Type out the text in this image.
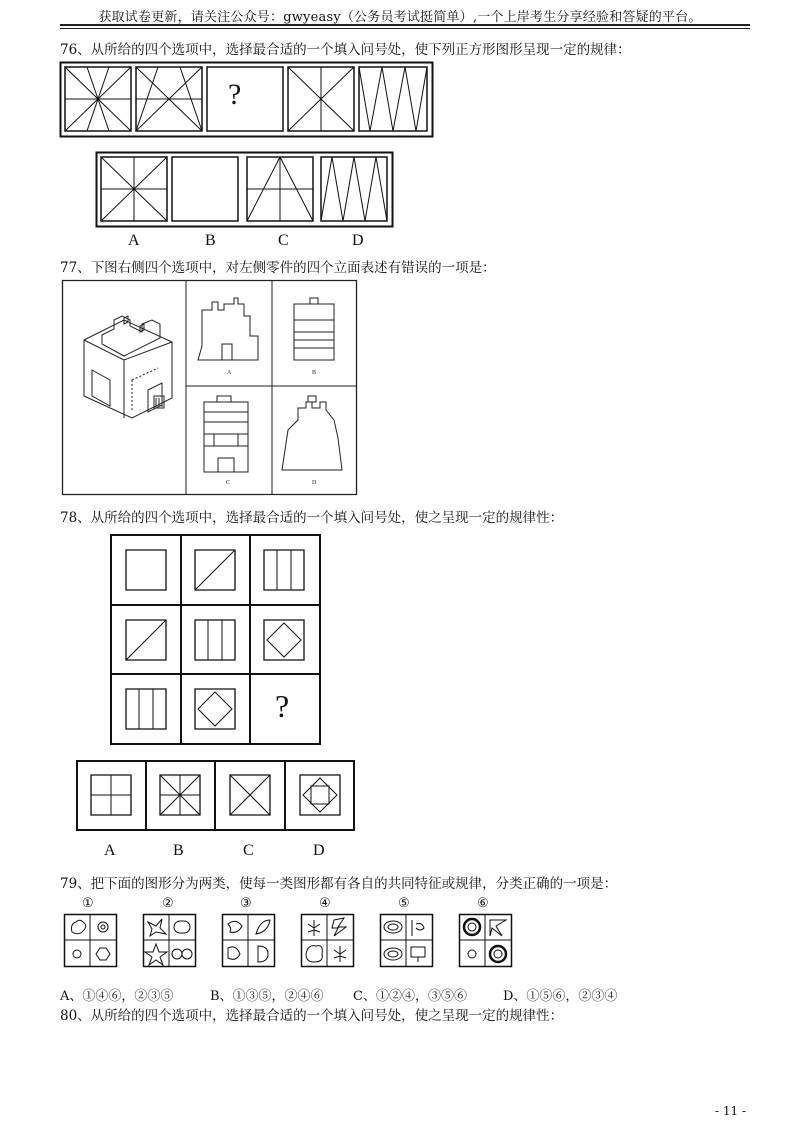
获取试卷更新，请关注公众号：gwyeasy（公务员考试挺简单）,一个上岸考生分享经验和答疑的平台。
76、从所给的四个选项中，选择最合适的一个填入问号处，使下列正方形图形呈现一定的规律：
?
A	B	C	D
77、下图右侧四个选项中，对左侧零件的四个立面表述有错误的一项是：
A	B
C	D
78、从所给的四个选项中，选择最合适的一个填入问号处，使之呈现一定的规律性：
?
A	B	C	D
79、把下面的图形分为两类，使每一类图形都有各自的共同特征或规律，分类正确的一项是：
①	②	③	④	⑤	⑥
A、①④⑥，②③⑤	B、①③⑤，②④⑥ C、①②④，③⑤⑥	D、①⑤⑥，②③④
80、从所给的四个选项中，选择最合适的一个填入问号处，使之呈现一定的规律性：
- 11 -
